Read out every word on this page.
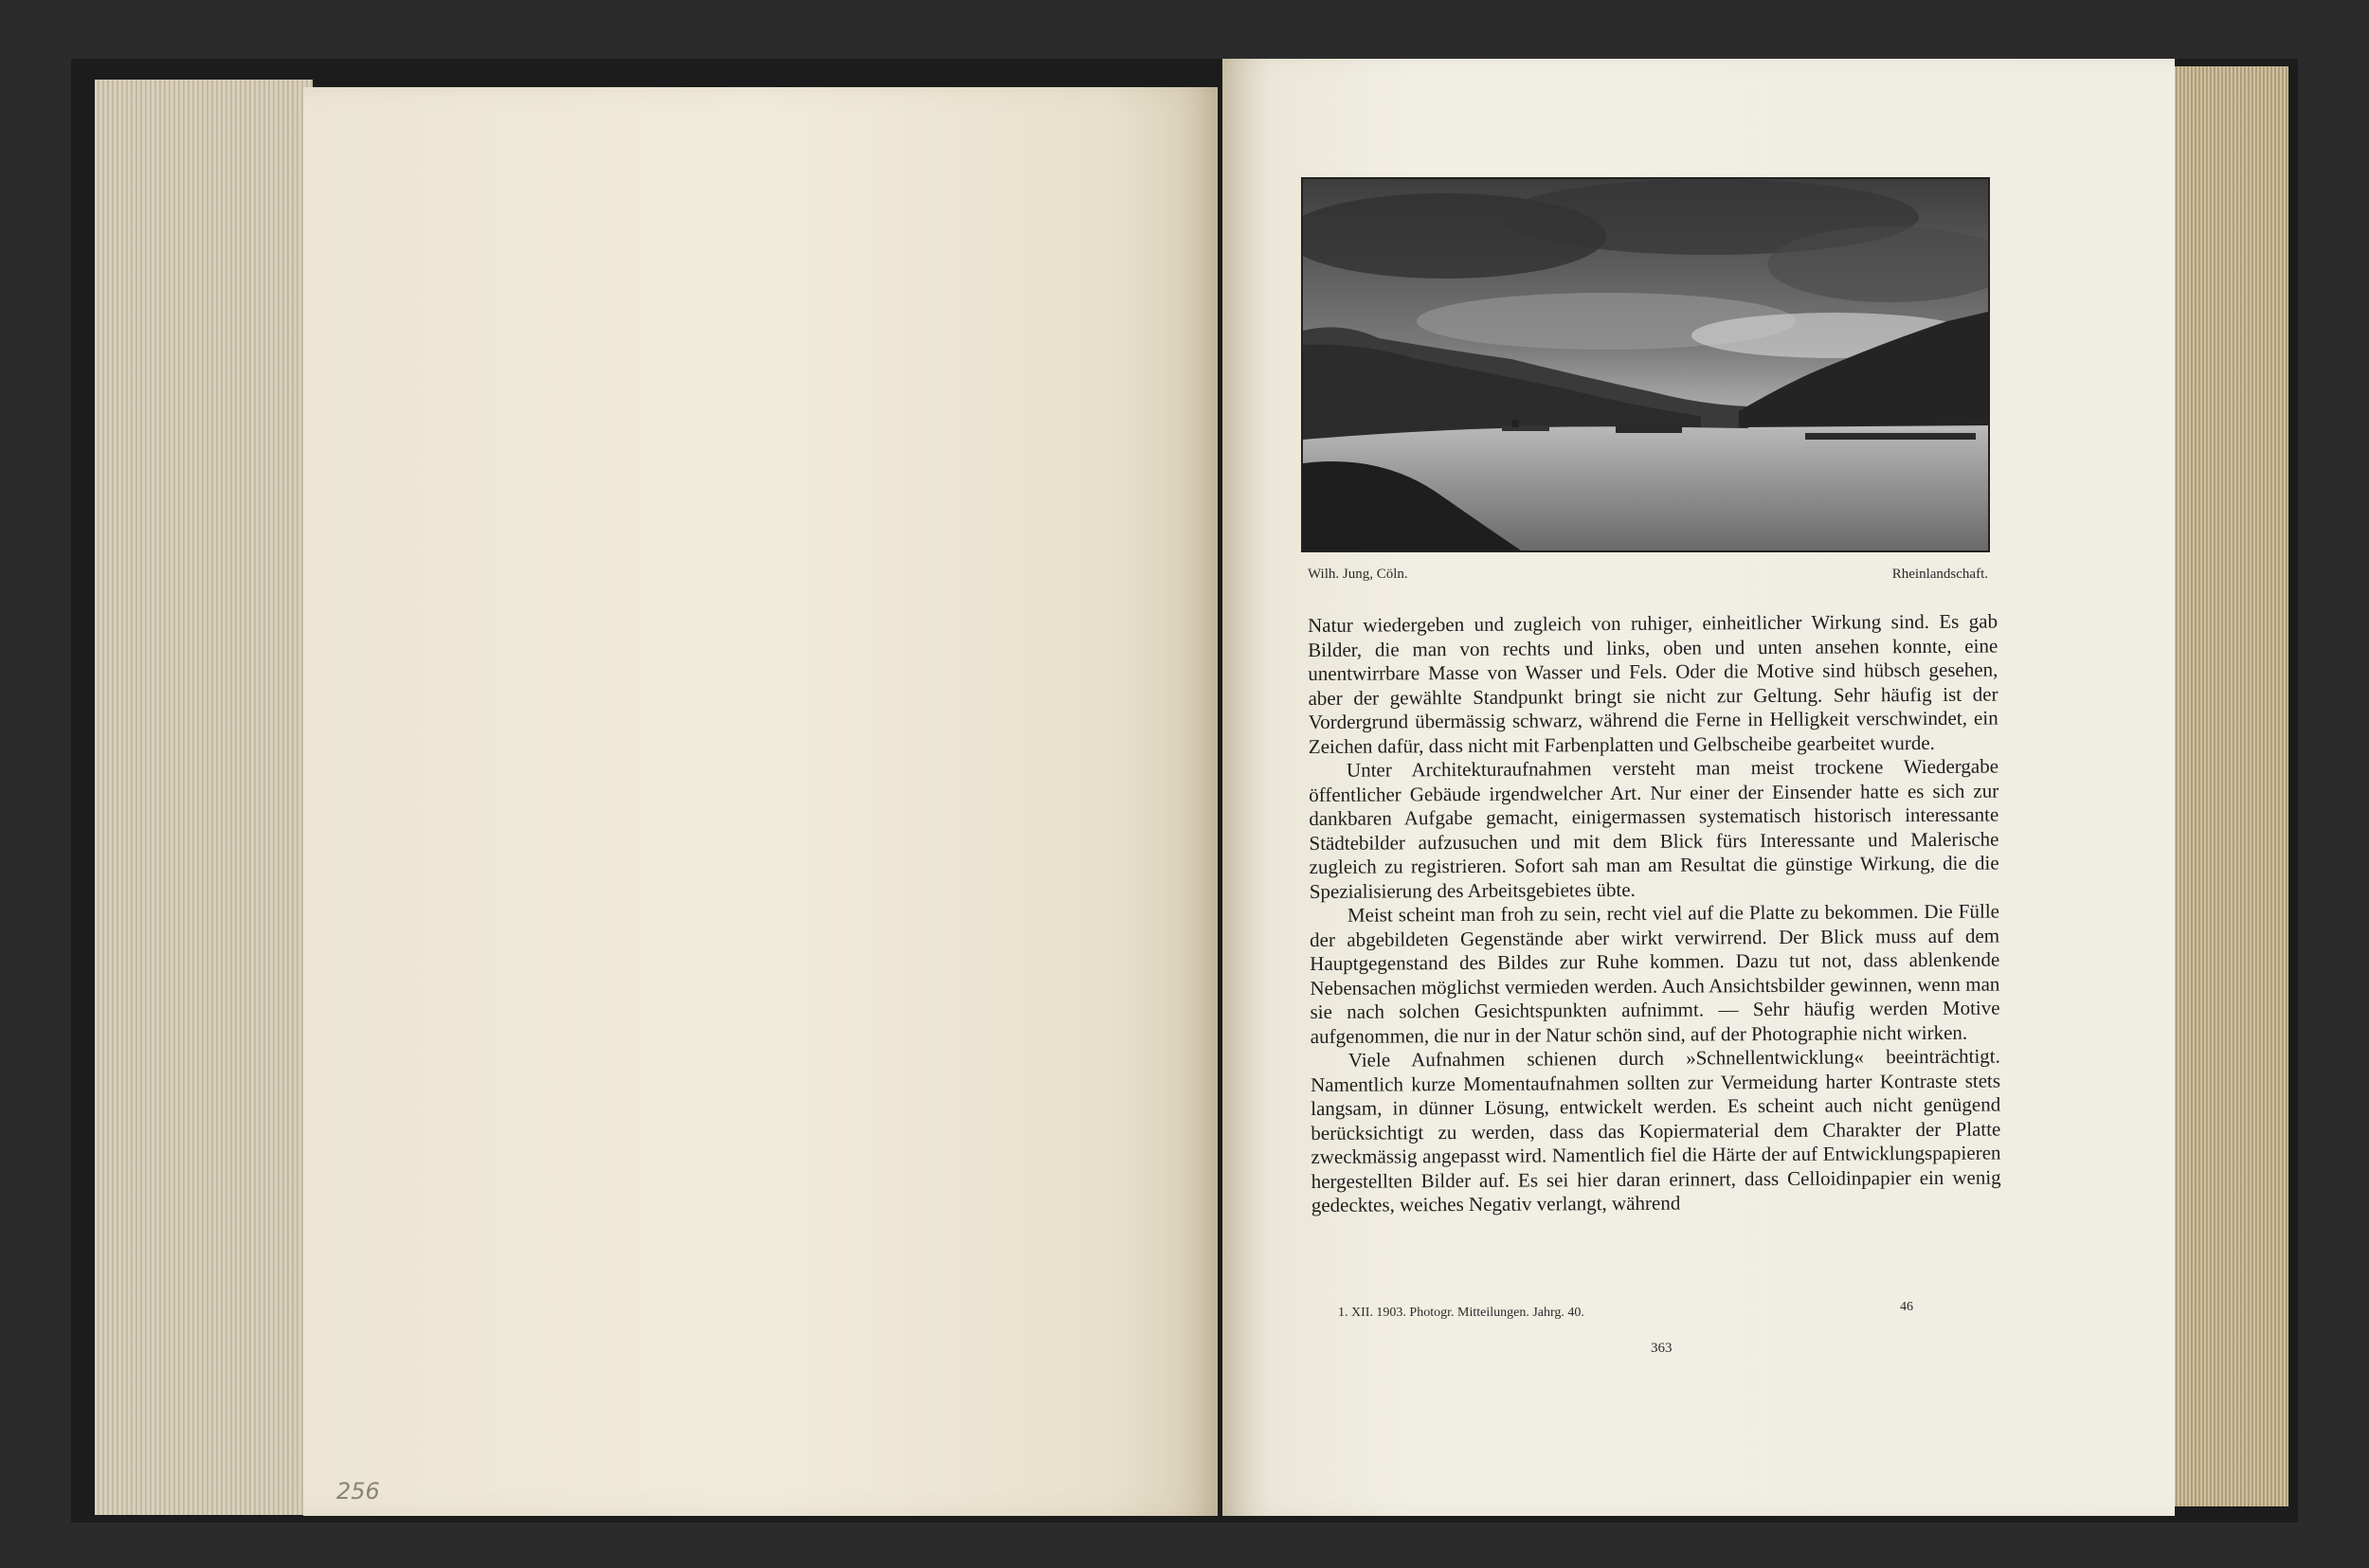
256
Wilh. Jung, Cöln.	Rheinlandschaft.

Natur wiedergeben und zugleich von ruhiger, einheitlicher Wirkung sind. Es gab Bilder, die man von rechts und links, oben und unten ansehen konnte, eine unentwirrbare Masse von Wasser und Fels. Oder die Motive sind hübsch gesehen, aber der gewählte Standpunkt bringt sie nicht zur Geltung. Sehr häufig ist der Vordergrund übermässig schwarz, während die Ferne in Helligkeit verschwindet, ein Zeichen dafür, dass nicht mit Farbenplatten und Gelbscheibe gearbeitet wurde.

Unter Architekturaufnahmen versteht man meist trockene Wiedergabe öffentlicher Gebäude irgendwelcher Art. Nur einer der Einsender hatte es sich zur dankbaren Aufgabe gemacht, einigermassen systematisch historisch interessante Städtebilder aufzusuchen und mit dem Blick fürs Interessante und Malerische zugleich zu registrieren. Sofort sah man am Resultat die günstige Wirkung, die die Spezialisierung des Arbeitsgebietes übte.

Meist scheint man froh zu sein, recht viel auf die Platte zu bekommen. Die Fülle der abgebildeten Gegenstände aber wirkt verwirrend. Der Blick muss auf dem Hauptgegenstand des Bildes zur Ruhe kommen. Dazu tut not, dass ablenkende Nebensachen möglichst vermieden werden. Auch Ansichtsbilder gewinnen, wenn man sie nach solchen Gesichtspunkten aufnimmt. — Sehr häufig werden Motive aufgenommen, die nur in der Natur schön sind, auf der Photographie nicht wirken.

Viele Aufnahmen schienen durch »Schnellentwicklung« beeinträchtigt. Namentlich kurze Momentaufnahmen sollten zur Vermeidung harter Kontraste stets langsam, in dünner Lösung, entwickelt werden. Es scheint auch nicht genügend berücksichtigt zu werden, dass das Kopiermaterial dem Charakter der Platte zweckmässig angepasst wird. Namentlich fiel die Härte der auf Entwicklungspapieren hergestellten Bilder auf. Es sei hier daran erinnert, dass Celloidinpapier ein wenig gedecktes, weiches Negativ verlangt, während

1. XII. 1903. Photogr. Mitteilungen. Jahrg. 40.	46
363
